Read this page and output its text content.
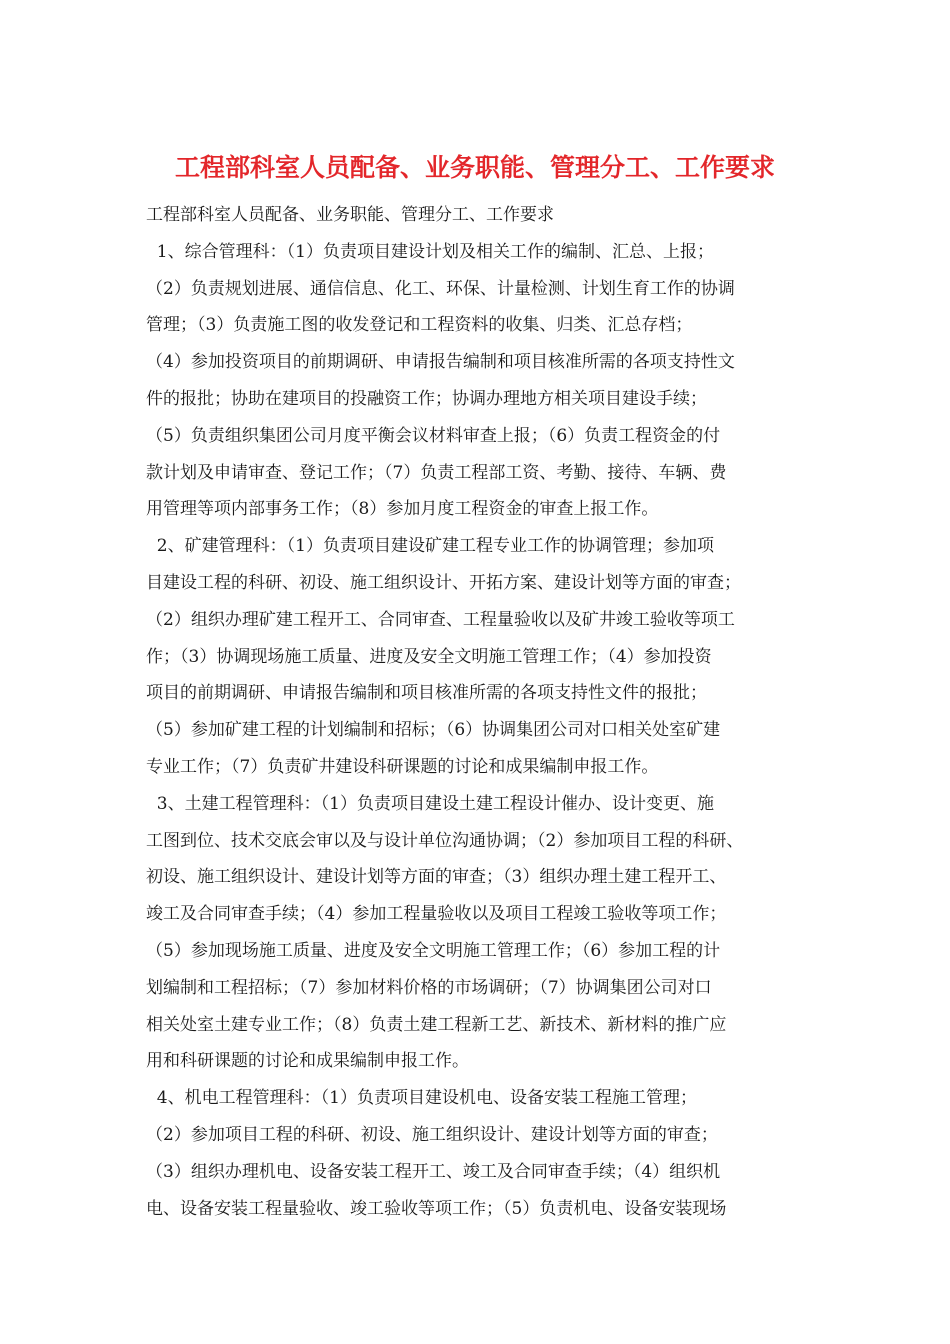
工程部科室人员配备、业务职能、管理分工、工作要求
工程部科室人员配备、业务职能、管理分工、工作要求
1、综合管理科：（1）负责项目建设计划及相关工作的编制、汇总、上报；
（2）负责规划进展、通信信息、化工、环保、计量检测、计划生育工作的协调
管理；（3）负责施工图的收发登记和工程资料的收集、归类、汇总存档；
（4）参加投资项目的前期调研、申请报告编制和项目核准所需的各项支持性文
件的报批；协助在建项目的投融资工作；协调办理地方相关项目建设手续；
（5）负责组织集团公司月度平衡会议材料审查上报；（6）负责工程资金的付
款计划及申请审查、登记工作；（7）负责工程部工资、考勤、接待、车辆、费
用管理等项内部事务工作；（8）参加月度工程资金的审查上报工作。
2、矿建管理科：（1）负责项目建设矿建工程专业工作的协调管理；参加项
目建设工程的科研、初设、施工组织设计、开拓方案、建设计划等方面的审查；
（2）组织办理矿建工程开工、合同审查、工程量验收以及矿井竣工验收等项工
作；（3）协调现场施工质量、进度及安全文明施工管理工作；（4）参加投资
项目的前期调研、申请报告编制和项目核准所需的各项支持性文件的报批；
（5）参加矿建工程的计划编制和招标；（6）协调集团公司对口相关处室矿建
专业工作；（7）负责矿井建设科研课题的讨论和成果编制申报工作。
3、土建工程管理科：（1）负责项目建设土建工程设计催办、设计变更、施
工图到位、技术交底会审以及与设计单位沟通协调；（2）参加项目工程的科研、
初设、施工组织设计、建设计划等方面的审查；（3）组织办理土建工程开工、
竣工及合同审查手续；（4）参加工程量验收以及项目工程竣工验收等项工作；
（5）参加现场施工质量、进度及安全文明施工管理工作；（6）参加工程的计
划编制和工程招标；（7）参加材料价格的市场调研；（7）协调集团公司对口
相关处室土建专业工作；（8）负责土建工程新工艺、新技术、新材料的推广应
用和科研课题的讨论和成果编制申报工作。
4、机电工程管理科：（1）负责项目建设机电、设备安装工程施工管理；
（2）参加项目工程的科研、初设、施工组织设计、建设计划等方面的审查；
（3）组织办理机电、设备安装工程开工、竣工及合同审查手续；（4）组织机
电、设备安装工程量验收、竣工验收等项工作；（5）负责机电、设备安装现场
